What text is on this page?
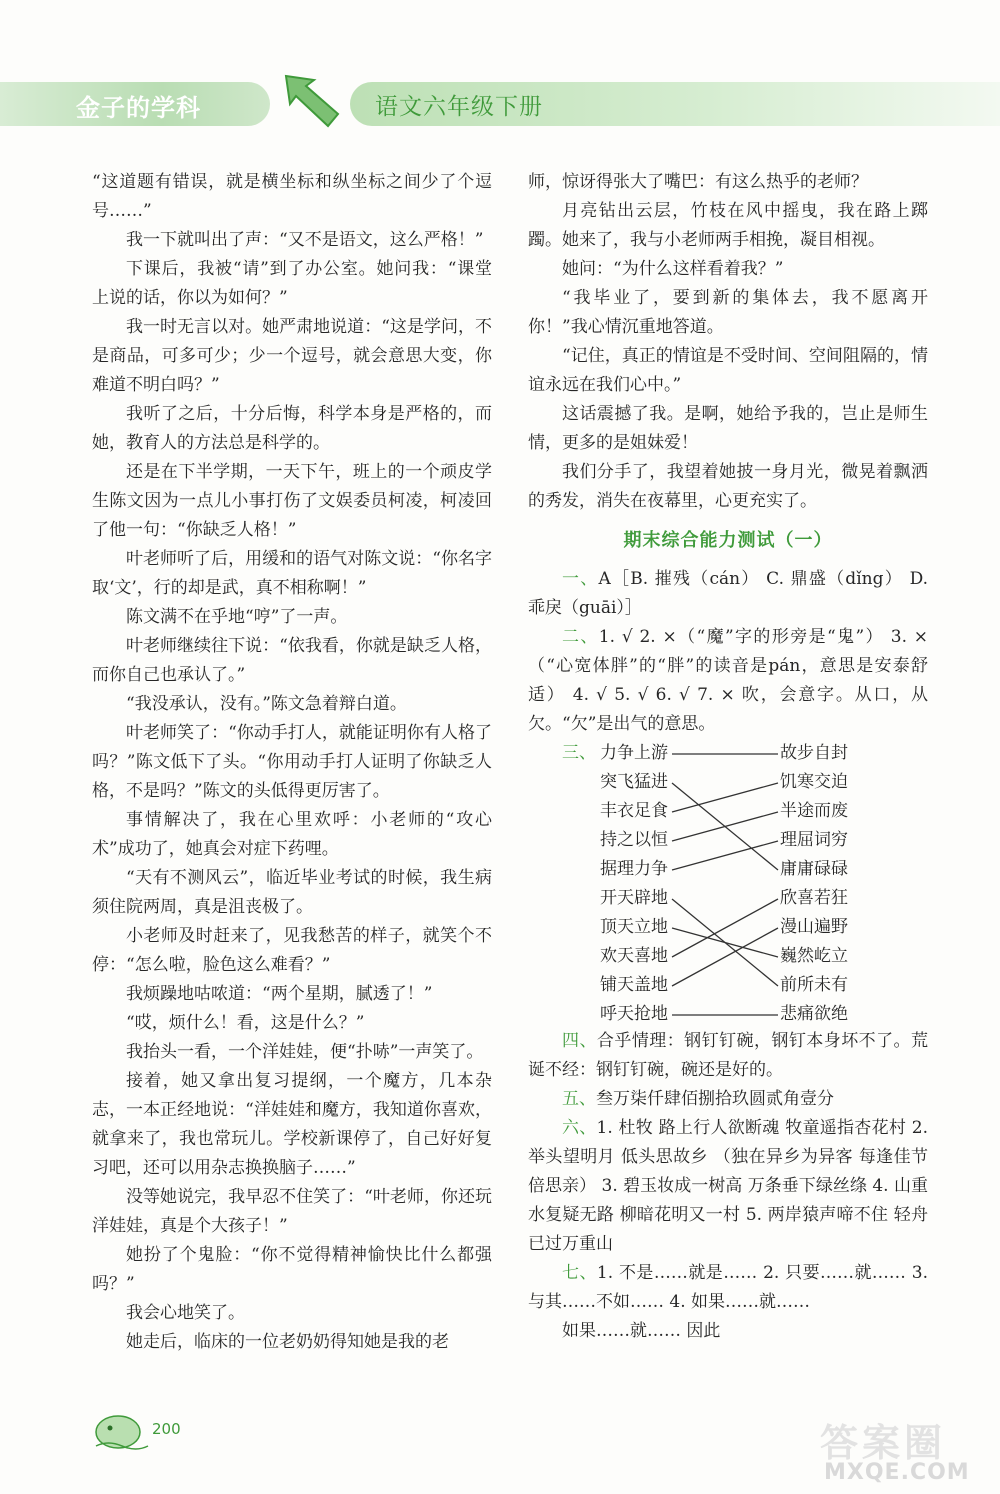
金子的学科	语文六年级下册

“这道题有错误，就是横坐标和纵坐标之间少了个逗号……”

我一下就叫出了声：“又不是语文，这么严格！”

下课后，我被“请”到了办公室。她问我：“课堂上说的话，你以为如何？”

我一时无言以对。她严肃地说道：“这是学问，不是商品，可多可少；少一个逗号，就会意思大变，你难道不明白吗？”

我听了之后，十分后悔，科学本身是严格的，而她，教育人的方法总是科学的。

还是在下半学期，一天下午，班上的一个顽皮学生陈文因为一点儿小事打伤了文娱委员柯凌，柯凌回了他一句：“你缺乏人格！”

叶老师听了后，用缓和的语气对陈文说：“你名字取‘文’，行的却是武，真不相称啊！”

陈文满不在乎地“哼”了一声。

叶老师继续往下说：“依我看，你就是缺乏人格，而你自己也承认了。”

“我没承认，没有。”陈文急着辩白道。

叶老师笑了：“你动手打人，就能证明你有人格了吗？”陈文低下了头。“你用动手打人证明了你缺乏人格，不是吗？”陈文的头低得更厉害了。

事情解决了，我在心里欢呼：小老师的“攻心术”成功了，她真会对症下药哩。

“天有不测风云”，临近毕业考试的时候，我生病须住院两周，真是沮丧极了。

小老师及时赶来了，见我愁苦的样子，就笑个不停：“怎么啦，脸色这么难看？”

我烦躁地咕哝道：“两个星期，腻透了！”

“哎，烦什么！看，这是什么？”

我抬头一看，一个洋娃娃，便“扑哧”一声笑了。

接着，她又拿出复习提纲，一个魔方，几本杂志，一本正经地说：“洋娃娃和魔方，我知道你喜欢，就拿来了，我也常玩儿。学校新课停了，自己好好复习吧，还可以用杂志换换脑子……”

没等她说完，我早忍不住笑了：“叶老师，你还玩洋娃娃，真是个大孩子！”

她扮了个鬼脸：“你不觉得精神愉快比什么都强吗？”

我会心地笑了。

她走后，临床的一位老奶奶得知她是我的老

师，惊讶得张大了嘴巴：有这么热乎的老师？

月亮钻出云层，竹枝在风中摇曳，我在路上踯躅。她来了，我与小老师两手相挽，凝目相视。

她问：“为什么这样看着我？”

“我毕业了，要到新的集体去，我不愿离开你！”我心情沉重地答道。

“记住，真正的情谊是不受时间、空间阻隔的，情谊永远在我们心中。”

这话震撼了我。是啊，她给予我的，岂止是师生情，更多的是姐妹爱！

我们分手了，我望着她披一身月光，微晃着飘洒的秀发，消失在夜幕里，心更充实了。

期末综合能力测试（一）

一、A［B. 摧残（cán） C. 鼎盛（dǐng） D. 乖戾（guāi）］

二、1. √ 2. ×（“魔”字的形旁是“鬼”） 3. ×（“心宽体胖”的“胖”的读音是pán，意思是安泰舒适） 4. √ 5. √ 6. √ 7. × 吹，会意字。从口，从欠。“欠”是出气的意思。

三、 力争上游
突飞猛进
丰衣足食
持之以恒
据理力争
开天辟地
顶天立地
欢天喜地
铺天盖地
呼天抢地
故步自封
饥寒交迫
半途而废
理屈词穷
庸庸碌碌
欣喜若狂
漫山遍野
巍然屹立
前所未有
悲痛欲绝

四、合乎情理：钢钉钉碗，钢钉本身坏不了。荒诞不经：钢钉钉碗，碗还是好的。

五、叁万柒仟肆佰捌拾玖圆贰角壹分

六、1. 杜牧 路上行人欲断魂 牧童遥指杏花村 2. 举头望明月 低头思故乡 （独在异乡为异客 每逢佳节倍思亲） 3. 碧玉妆成一树高 万条垂下绿丝绦 4. 山重水复疑无路 柳暗花明又一村 5. 两岸猿声啼不住 轻舟已过万重山

七、1. 不是……就是…… 2. 只要……就…… 3. 与其……不如…… 4. 如果……就……

如果……就…… 因此

200	答案圈
MXQE.COM
